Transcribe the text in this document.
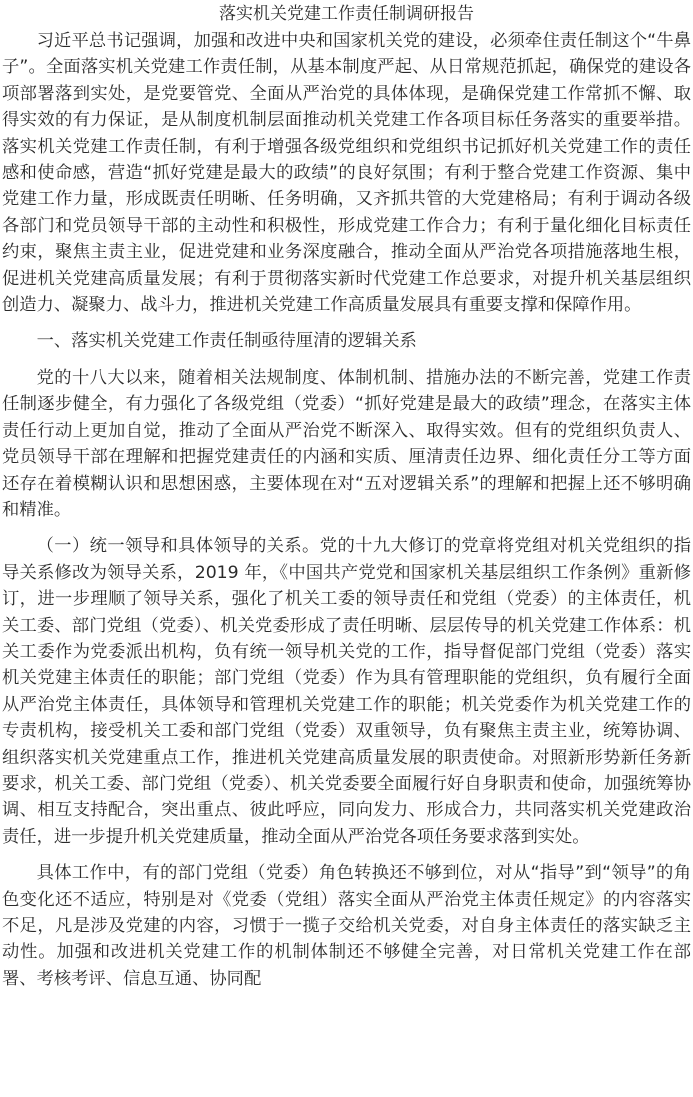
落实机关党建工作责任制调研报告

习近平总书记强调，加强和改进中央和国家机关党的建设，必须牵住责任制这个“牛鼻子”。全面落实机关党建工作责任制，从基本制度严起、从日常规范抓起，确保党的建设各项部署落到实处，是党要管党、全面从严治党的具体体现，是确保党建工作常抓不懈、取得实效的有力保证，是从制度机制层面推动机关党建工作各项目标任务落实的重要举措。落实机关党建工作责任制，有利于增强各级党组织和党组织书记抓好机关党建工作的责任感和使命感，营造“抓好党建是最大的政绩”的良好氛围；有利于整合党建工作资源、集中党建工作力量，形成既责任明晰、任务明确，又齐抓共管的大党建格局；有利于调动各级各部门和党员领导干部的主动性和积极性，形成党建工作合力；有利于量化细化目标责任约束，聚焦主责主业，促进党建和业务深度融合，推动全面从严治党各项措施落地生根，促进机关党建高质量发展；有利于贯彻落实新时代党建工作总要求，对提升机关基层组织创造力、凝聚力、战斗力，推进机关党建工作高质量发展具有重要支撑和保障作用。

一、落实机关党建工作责任制亟待厘清的逻辑关系

党的十八大以来，随着相关法规制度、体制机制、措施办法的不断完善，党建工作责任制逐步健全，有力强化了各级党组（党委）“抓好党建是最大的政绩”理念，在落实主体责任行动上更加自觉，推动了全面从严治党不断深入、取得实效。但有的党组织负责人、党员领导干部在理解和把握党建责任的内涵和实质、厘清责任边界、细化责任分工等方面还存在着模糊认识和思想困惑，主要体现在对“五对逻辑关系”的理解和把握上还不够明确和精准。

（一）统一领导和具体领导的关系。党的十九大修订的党章将党组对机关党组织的指导关系修改为领导关系，2019 年，《中国共产党党和国家机关基层组织工作条例》重新修订，进一步理顺了领导关系，强化了机关工委的领导责任和党组（党委）的主体责任，机关工委、部门党组（党委）、机关党委形成了责任明晰、层层传导的机关党建工作体系：机关工委作为党委派出机构，负有统一领导机关党的工作，指导督促部门党组（党委）落实机关党建主体责任的职能；部门党组（党委）作为具有管理职能的党组织，负有履行全面从严治党主体责任，具体领导和管理机关党建工作的职能；机关党委作为机关党建工作的专责机构，接受机关工委和部门党组（党委）双重领导，负有聚焦主责主业，统筹协调、组织落实机关党建重点工作，推进机关党建高质量发展的职责使命。对照新形势新任务新要求，机关工委、部门党组（党委）、机关党委要全面履行好自身职责和使命，加强统筹协调、相互支持配合，突出重点、彼此呼应，同向发力、形成合力，共同落实机关党建政治责任，进一步提升机关党建质量，推动全面从严治党各项任务要求落到实处。

具体工作中，有的部门党组（党委）角色转换还不够到位，对从“指导”到“领导”的角色变化还不适应，特别是对《党委（党组）落实全面从严治党主体责任规定》的内容落实不足，凡是涉及党建的内容，习惯于一揽子交给机关党委，对自身主体责任的落实缺乏主动性。加强和改进机关党建工作的机制体制还不够健全完善，对日常机关党建工作在部署、考核考评、信息互通、协同配
